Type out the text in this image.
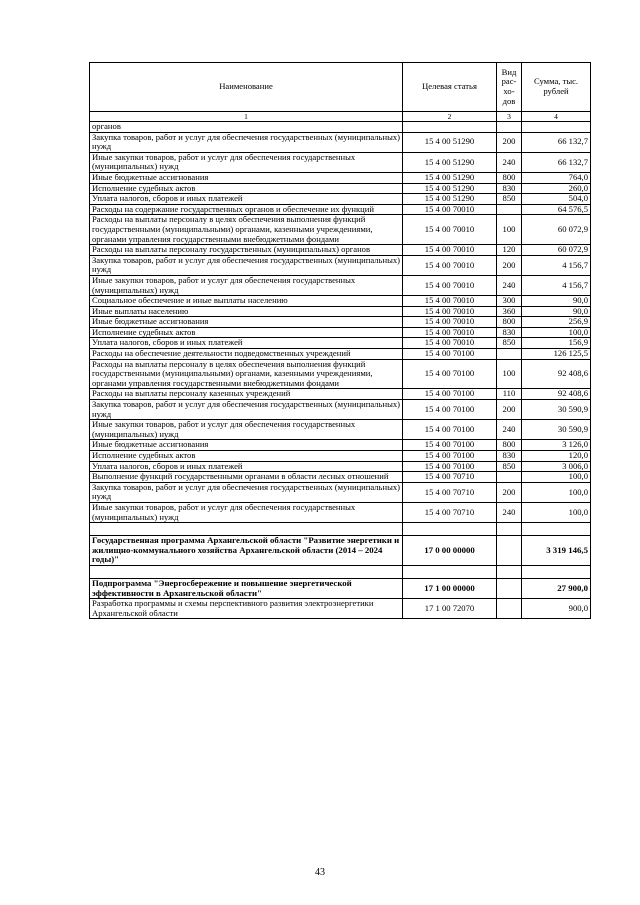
Наименование	Целевая статья	Вид рас-хо-дов	Сумма, тыс. рублей
1	2	3	4
органов			
Закупка товаров, работ и услуг для обеспечения государственных (муниципальных) нужд	15 4 00 51290	200	66 132,7
Иные закупки товаров, работ и услуг для обеспечения государственных (муниципальных) нужд	15 4 00 51290	240	66 132,7
Иные бюджетные ассигнования	15 4 00 51290	800	764,0
Исполнение судебных актов	15 4 00 51290	830	260,0
Уплата налогов, сборов и иных платежей	15 4 00 51290	850	504,0
Расходы на содержание государственных органов и обеспечение их функций	15 4 00 70010		64 576,5
Расходы на выплаты персоналу в целях обеспечения выполнения функций государственными (муниципальными) органами, казенными учреждениями, органами управления государственными внебюджетными фондами	15 4 00 70010	100	60 072,9
Расходы на выплаты персоналу государственных (муниципальных) органов	15 4 00 70010	120	60 072,9
Закупка товаров, работ и услуг для обеспечения государственных (муниципальных) нужд	15 4 00 70010	200	4 156,7
Иные закупки товаров, работ и услуг для обеспечения государственных (муниципальных) нужд	15 4 00 70010	240	4 156,7
Социальное обеспечение и иные выплаты населению	15 4 00 70010	300	90,0
Иные выплаты населению	15 4 00 70010	360	90,0
Иные бюджетные ассигнования	15 4 00 70010	800	256,9
Исполнение судебных актов	15 4 00 70010	830	100,0
Уплата налогов, сборов и иных платежей	15 4 00 70010	850	156,9
Расходы на обеспечение деятельности подведомственных учреждений	15 4 00 70100		126 125,5
Расходы на выплаты персоналу в целях обеспечения выполнения функций государственными (муниципальными) органами, казенными учреждениями, органами управления государственными внебюджетными фондами	15 4 00 70100	100	92 408,6
Расходы на выплаты персоналу казенных учреждений	15 4 00 70100	110	92 408,6
Закупка товаров, работ и услуг для обеспечения государственных (муниципальных) нужд	15 4 00 70100	200	30 590,9
Иные закупки товаров, работ и услуг для обеспечения государственных (муниципальных) нужд	15 4 00 70100	240	30 590,9
Иные бюджетные ассигнования	15 4 00 70100	800	3 126,0
Исполнение судебных актов	15 4 00 70100	830	120,0
Уплата налогов, сборов и иных платежей	15 4 00 70100	850	3 006,0
Выполнение функций государственными органами в области лесных отношений	15 4 00 70710		100,0
Закупка товаров, работ и услуг для обеспечения государственных (муниципальных) нужд	15 4 00 70710	200	100,0
Иные закупки товаров, работ и услуг для обеспечения государственных (муниципальных) нужд	15 4 00 70710	240	100,0

Государственная программа Архангельской области "Развитие энергетики и жилищно-коммунального хозяйства Архангельской области (2014 – 2024 годы)"	17 0 00 00000		3 319 146,5

Подпрограмма "Энергосбережение и повышение энергетической эффективности в Архангельской области"	17 1 00 00000		27 900,0
Разработка программы и схемы перспективного развития электроэнергетики Архангельской области	17 1 00 72070		900,0
43
